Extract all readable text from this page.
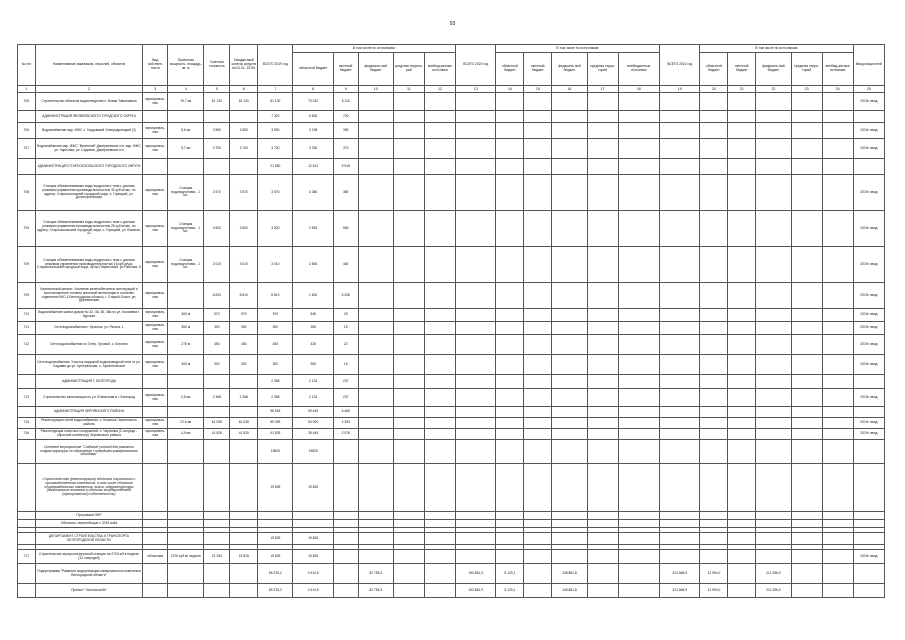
93
№ п/п	Наименование заказчиков, отраслей, объектов	Вид собствен-ности	Проектная мощность, площадь, кв. м	Сметная стоимость	Ожидае-мый остаток средств на 01.01. 2019г.	ВСЕГО 2019 год	В том числе по источникам:					ВСЕГО 2020 год	В том числе по источникам:					ВСЕГО 2021 год	В том числе по источникам:					Ввод мощностей
							областной бюджет	местный бюджет	федераль-ный бюджет	средства террито-рий	внебюд-жетные источники		областной бюджет	местный бюджет	федераль-ный бюджет	средства терри-торий	внебюджетные источники		областной бюджет	местный бюджет	федераль-ный бюджет	средства терри-торий	внебюд-жетные источники	
1	2	3	4	5	6	7	8	9	10	11	12	13	14	15	16	17	18	19	20	21	22	23	24	25
705	Строительство объектов водоотведения с. Новая Таволжанка	муниципаль-ная	19,7 км	81 130	81 130	81 130	73 042	8 110																2019г. ввод
	АДМИНИСТРАЦИЯ ЯКОВЛЕВСКОГО ГОРОДСКОГО ОКРУГА					7 320	6 600	720																
706	Водоснабжение мкр. ИЖС с. Гордовский Северодонецкий (2)	муниципаль-ная	5,6 км	3 550	3 550	3 550	3 195	355																2019г. ввод
707	Водоснабжение мкр. ИЖС "Весенний" Дмитриевское с/п, мкр. ИЖС ул. Заречная, ул. Садовая, Дмитриевское с/п	муниципаль-ная	5,7 км	3 700	3 700	3 700	3 330	370																2019г. ввод
	АДМИНИСТРАЦИЯ СТАРООСКОЛЬСКОГО ГОРОДСКОГО ОКРУГА					21 550	12 612	9 918																
708	Станция обезжелезивания воды модульного типа с дочным режимом управления производительностью 32 куб.м/час, по адресу: Старооскольский городской округ, х. Горицкий, ул. Донскорогинская	муниципаль-ная	Станция водоподготовки - 1 шт.	3 570	3 570	3 570	3 380	380																2019г. ввод
709	Станция обезжелезивания воды модульного типа с дочным режимом управления производительностью 25 куб.м/час, по адресу: Старооскольский городской округ, с. Горицкий, ул. Вокзная, 41	муниципаль-ная	Станция водоподготовки - 1 шт.	3 600	3 600	3 520	2 963	565																2019г. ввод
709	Станция обезжелезивания воды модульного типа с дочным режимом управления производительностью 16 куб.м/час Старооскольский городской округ, хутор Гаприловый, ул.Рабочая, 5	муниципаль-ная	Станция водоподготовки - 1 шт.	3 010	3 010	3 010	2 550	460																2019г. ввод
709	Капитальный ремонт. Усиление железобетонных конструкций и восстановление тоннели мачтовой вентиляции в тоннелях отделения ВНС-4 Белгородская область, г. Старый Оскол, ул. Деревенская	муниципаль-ная		8 810	8 810	8 810	1 602	6 208																2019г. ввод
710	Водоснабжение жилых домов № 32, 36, 38, 38а по ул. Космиева г. Курская	муниципаль-ная	300 м	570	570	570	545	25																2019г. ввод
711	Сети водоснабжения г. Кроснок, ул. Рягина, 1	муниципаль-ная	360 м	300	300	300	285	15																2019г. ввод
712	Сети водоснабжения по 3 пер. Луговой, с. Котлино	муниципаль-ная	275 м	450	450	450	428	22																2019г. ввод
	Сети водоснабжения. Участок наружной водопроводной сети от ул. Садовая до ул. Центральная, с. Архангельское	муниципаль-ная	300 м	300	300	300	285	15																2019г. ввод
	АДМИНИСТРАЦИЯ Г. БЕЛГОРОДА					2 368	2 131	237																
713	Строительство канализации по ул. Юннатская в г. Белгород	муниципаль-ная	0,5 км	2 368	2 368	2 368	2 131	237																2019г. ввод
	АДМИНИСТРАЦИЯ ЧЕРНЯНСКОГО РАЙОНА					98 918	93 449	6 469																
715	Реконструкция сетей водоснабжения, с. Кошечье Чернянского района	муниципаль-ная	22,6 км	61 038	61 038	59 393	54 000	4 393																2019г. ввод
716	Реконструкция очистных сооружений, п. Чернянка (2 очередь - сбросной коллектор) Чернянского района	муниципаль-ная	4,9 км	41 525	41 525	41 525	39 449	2 076																2019г. ввод
	Основное мероприятие "Создание условий для развития инфраструктуры по обращению с твердыми коммунальными отходами"					19825	19825																	
	Строительство (реконструкция) объектов социального и производственного комплексов, в том числе объектов общегражданского назначения, жилья, инфраструктуры (Капитальные вложения в объекты государственной (муниципальной) собственности)					19 825	19 825																	
	Программа ПНР																							
	Объекты, переходящие с 2018 года																							

	ДЕПАРТАМЕНТ СТРОИТЕЛЬСТВА И ТРАНСПОРТА БЕЛГОРОДСКОЙ ОБЛАСТИ					19 825	19 825																	

717	Строительство мусоропогрузочной станции на 2700 м3 в неделю (12 очередей)	областная	2700 куб.м/ неделю	21 294	19 825	19 825	19 825																	2019г. ввод
	Подпрограмма "Развитие модернизации коммунального комплекса Белгородской области"					85 376,2	2 614,9		82 755,3			153 861,9	5 129,1		148 881,8			224 668,9	12 994,0		211 056,9			
	Проект "Чистая вода"					85 376,2	2 614,9		82 755,3			153 861,9	5 129,1		148 881,8			224 668,9	12 994,0		211 056,9			
